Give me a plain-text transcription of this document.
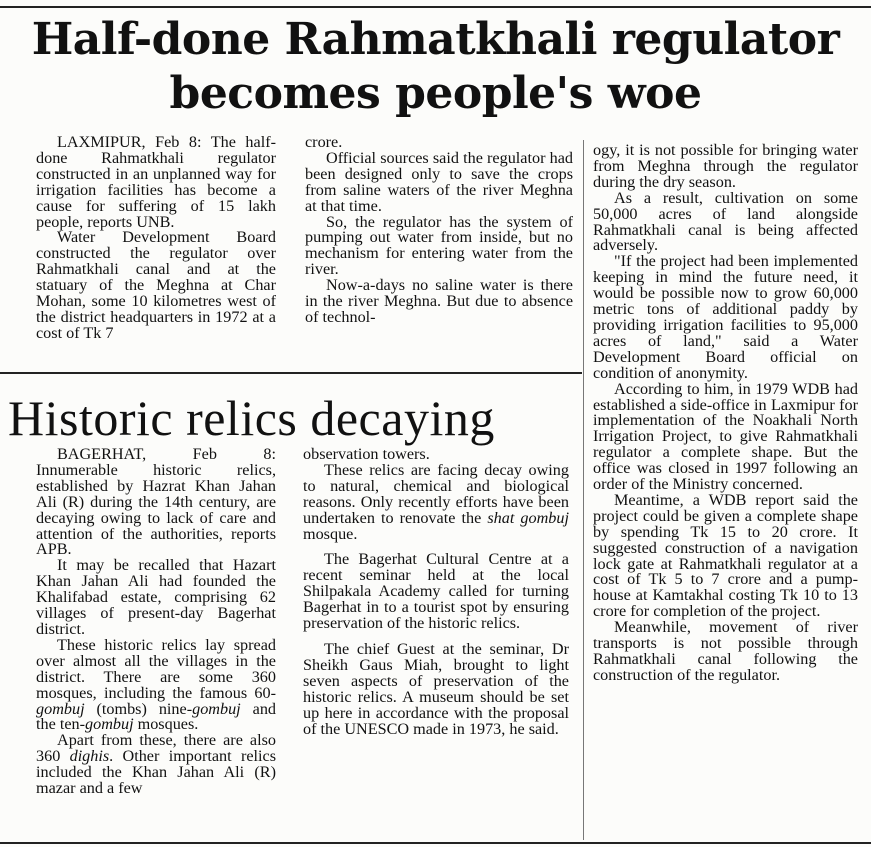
Half-done Rahmatkhali regulator
becomes people's woe

LAXMIPUR, Feb 8: The half-done Rahmatkhali regulator constructed in an unplanned way for irrigation facilities has become a cause for suffering of 15 lakh people, reports UNB.

Water Development Board constructed the regulator over Rahmatkhali canal and at the statuary of the Meghna at Char Mohan, some 10 kilometres west of the district headquarters in 1972 at a cost of Tk 7

crore.

Official sources said the regulator had been designed only to save the crops from saline waters of the river Meghna at that time.

So, the regulator has the system of pumping out water from inside, but no mechanism for entering water from the river.

Now-a-days no saline water is there in the river Meghna. But due to absence of technol-

ogy, it is not possible for bringing water from Meghna through the regulator during the dry season.

As a result, cultivation on some 50,000 acres of land alongside Rahmatkhali canal is being affected adversely.

"If the project had been implemented keeping in mind the future need, it would be possible now to grow 60,000 metric tons of additional paddy by providing irrigation facilities to 95,000 acres of land," said a Water Development Board official on condition of anonymity.

According to him, in 1979 WDB had established a side-office in Laxmipur for implementation of the Noakhali North Irrigation Project, to give Rahmatkhali regulator a complete shape. But the office was closed in 1997 following an order of the Ministry concerned.

Meantime, a WDB report said the project could be given a complete shape by spending Tk 15 to 20 crore. It suggested construction of a navigation lock gate at Rahmatkhali regulator at a cost of Tk 5 to 7 crore and a pump-house at Kamtakhal costing Tk 10 to 13 crore for completion of the project.

Meanwhile, movement of river transports is not possible through Rahmatkhali canal following the construction of the regulator.

Historic relics decaying

BAGERHAT, Feb 8: Innumerable historic relics, established by Hazrat Khan Jahan Ali (R) during the 14th century, are decaying owing to lack of care and attention of the authorities, reports APB.

It may be recalled that Hazart Khan Jahan Ali had founded the Khalifabad estate, comprising 62 villages of present-day Bagerhat district.

These historic relics lay spread over almost all the villages in the district. There are some 360 mosques, including the famous 60-gombuj (tombs) nine-gombuj and the ten-gombuj mosques.

Apart from these, there are also 360 dighis. Other important relics included the Khan Jahan Ali (R) mazar and a few

observation towers.

These relics are facing decay owing to natural, chemical and biological reasons. Only recently efforts have been undertaken to renovate the shat gombuj mosque.

The Bagerhat Cultural Centre at a recent seminar held at the local Shilpakala Academy called for turning Bagerhat in to a tourist spot by ensuring preservation of the historic relics.

The chief Guest at the seminar, Dr Sheikh Gaus Miah, brought to light seven aspects of preservation of the historic relics. A museum should be set up here in accordance with the proposal of the UNESCO made in 1973, he said.
